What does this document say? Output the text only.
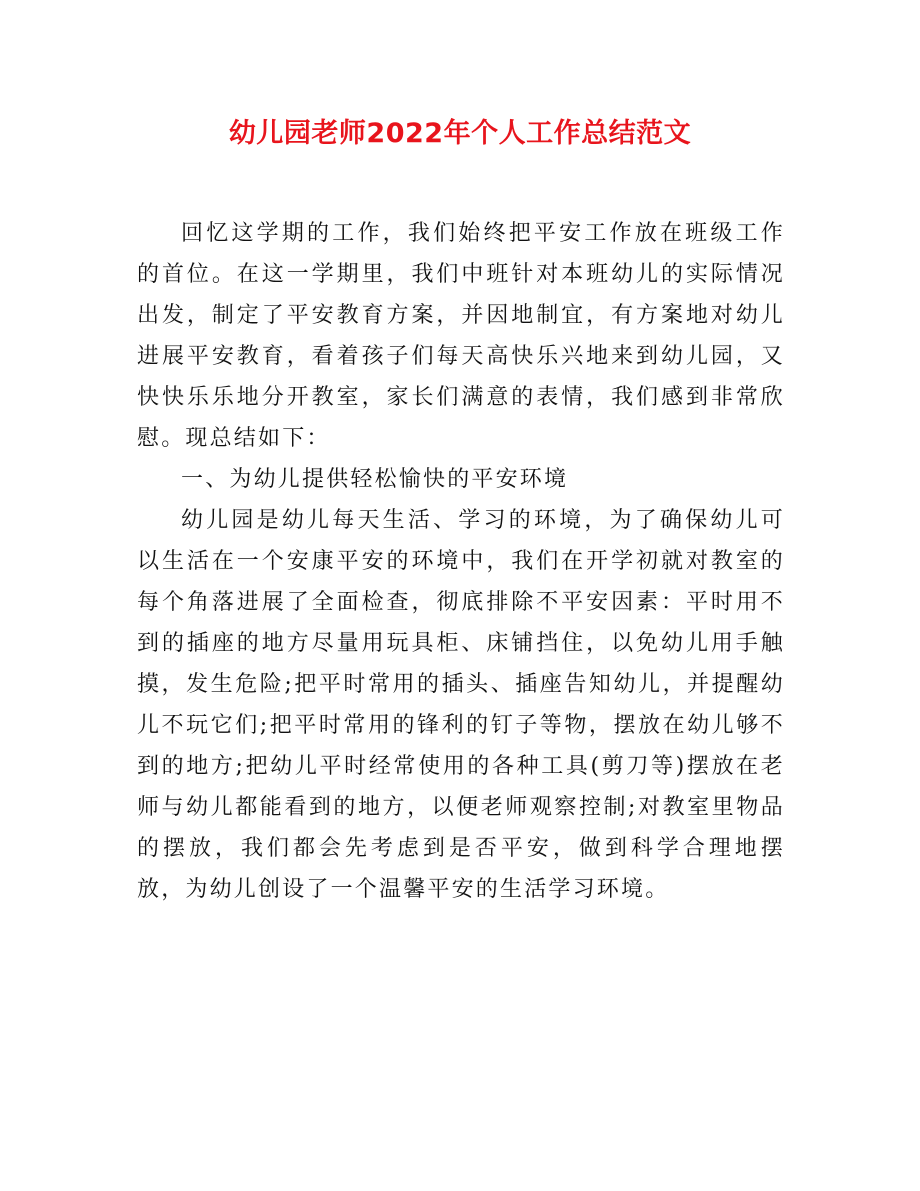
幼儿园老师2022年个人工作总结范文

回忆这学期的工作，我们始终把平安工作放在班级工作的首位。在这一学期里，我们中班针对本班幼儿的实际情况出发，制定了平安教育方案，并因地制宜，有方案地对幼儿进展平安教育，看着孩子们每天高快乐兴地来到幼儿园，又快快乐乐地分开教室，家长们满意的表情，我们感到非常欣慰。现总结如下：

一、为幼儿提供轻松愉快的平安环境

幼儿园是幼儿每天生活、学习的环境，为了确保幼儿可以生活在一个安康平安的环境中，我们在开学初就对教室的每个角落进展了全面检查，彻底排除不平安因素：平时用不到的插座的地方尽量用玩具柜、床铺挡住，以免幼儿用手触摸，发生危险;把平时常用的插头、插座告知幼儿，并提醒幼儿不玩它们;把平时常用的锋利的钉子等物，摆放在幼儿够不到的地方;把幼儿平时经常使用的各种工具(剪刀等)摆放在老师与幼儿都能看到的地方，以便老师观察控制;对教室里物品的摆放，我们都会先考虑到是否平安，做到科学合理地摆放，为幼儿创设了一个温馨平安的生活学习环境。
